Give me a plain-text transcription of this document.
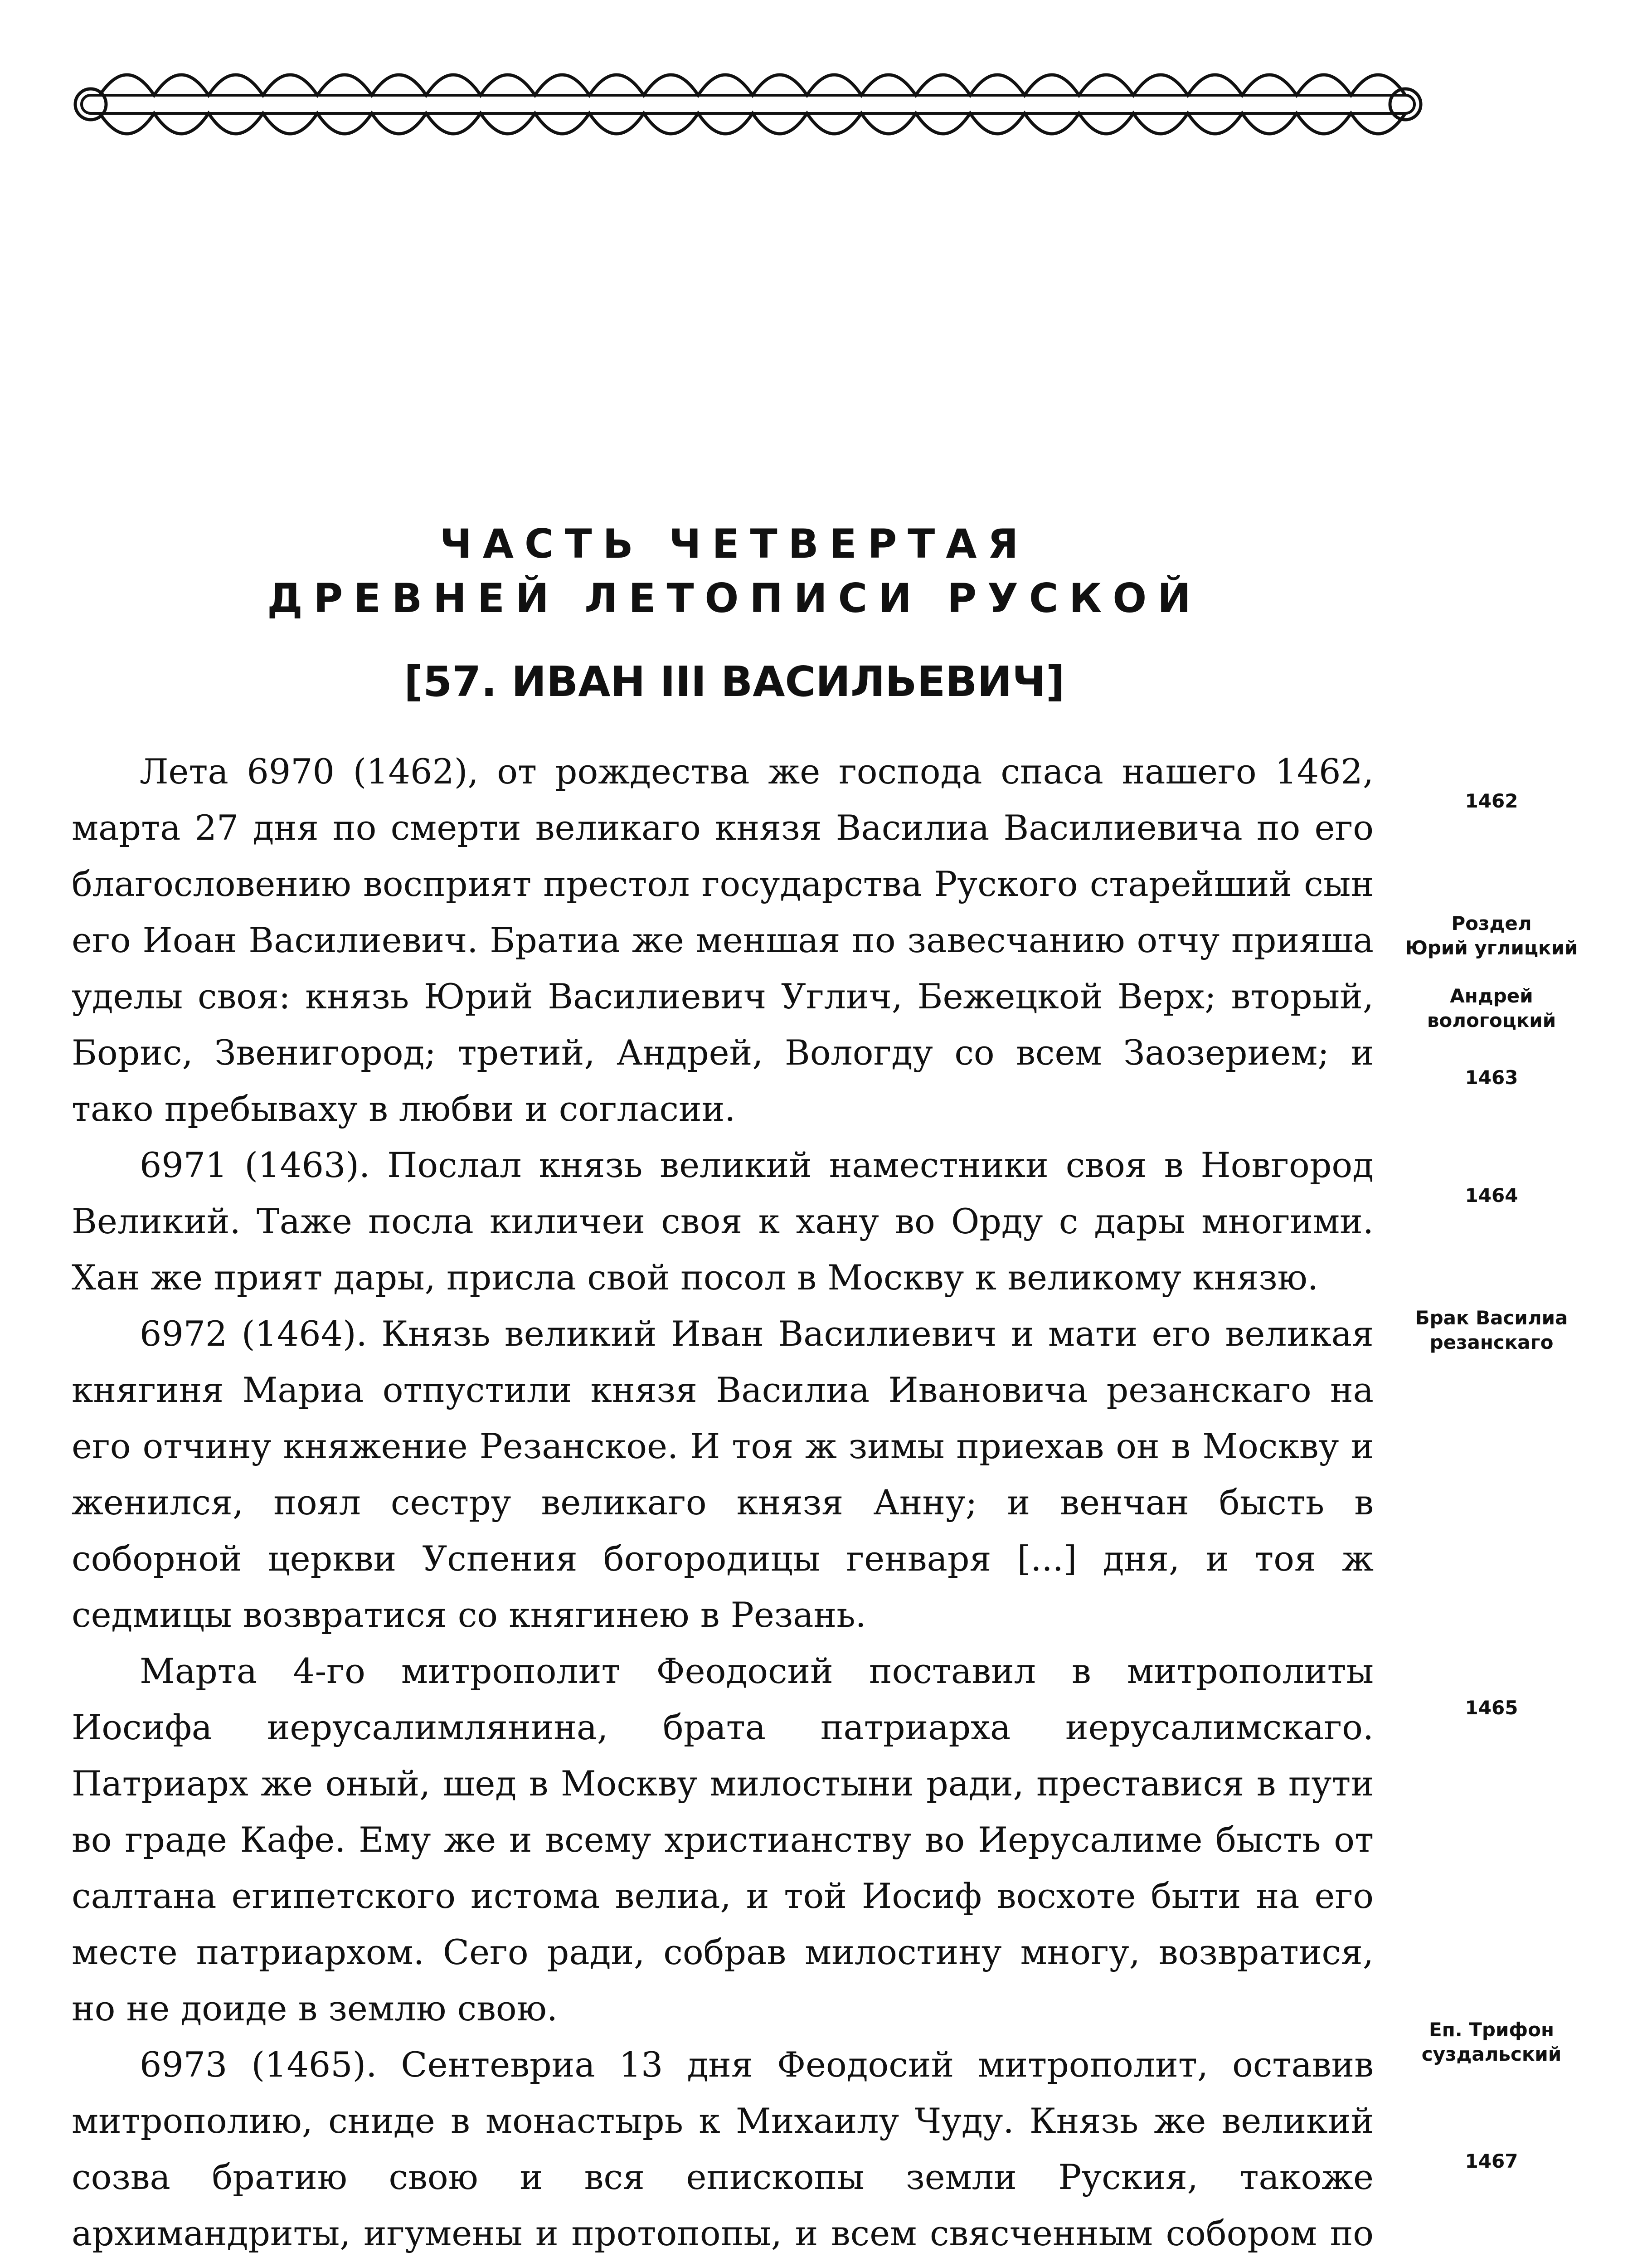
ЧАСТЬ ЧЕТВЕРТАЯ
ДРЕВНЕЙ ЛЕТОПИСИ РУСКОЙ
[57. ИВАН III ВАСИЛЬЕВИЧ]

Лета 6970 (1462), от рождества же господа спаса нашего 1462, марта 27 дня по смерти великаго князя Василиа Василиевича по его благословению восприят престол государства Руского старейший сын его Иоан Василиевич. Братиа же меншая по завесчанию отчу прияша уделы своя: князь Юрий Василиевич Углич, Бежецкой Верх; вторый, Борис, Звенигород; третий, Андрей, Вологду со всем Заозерием; и тако пребываху в любви и согласии.

6971 (1463). Послал князь великий наместники своя в Новгород Великий. Таже посла киличеи своя к хану во Орду с дары многими. Хан же прият дары, присла свой посол в Москву к великому князю.

6972 (1464). Князь великий Иван Василиевич и мати его великая княгиня Мариа отпустили князя Василиа Ивановича резанскаго на его отчину княжение Резанское. И тоя ж зимы приехав он в Москву и женился, поял сестру великаго князя Анну; и венчан бысть в соборной церкви Успения богородицы генваря [...] дня, и тоя ж седмицы возвратися со княгинею в Резань.

Марта 4-го митрополит Феодосий поставил в митрополиты Иосифа иерусалимлянина, брата патриарха иерусалимскаго. Патриарх же оный, шед в Москву милостыни ради, преставися в пути во граде Кафе. Ему же и всему христианству во Иерусалиме бысть от салтана египетского истома велиа, и той Иосиф восхоте быти на его месте патриархом. Сего ради, собрав милостину многу, возвратися, но не доиде в землю свою.

6973 (1465). Сентевриа 13 дня Феодосий митрополит, оставив митрополию, сниде в монастырь к Михаилу Чуду. Князь же великий созва братию свою и вся епископы земли Руския, такоже архимандриты, игумены и протопопы, и всем свясченным собором по

1462
Роздел
Юрий углицкий
Андрей вологоцкий
1463
1464
Брак Василиа резанскаго
1465
Еп. Трифон суздальский
1467
